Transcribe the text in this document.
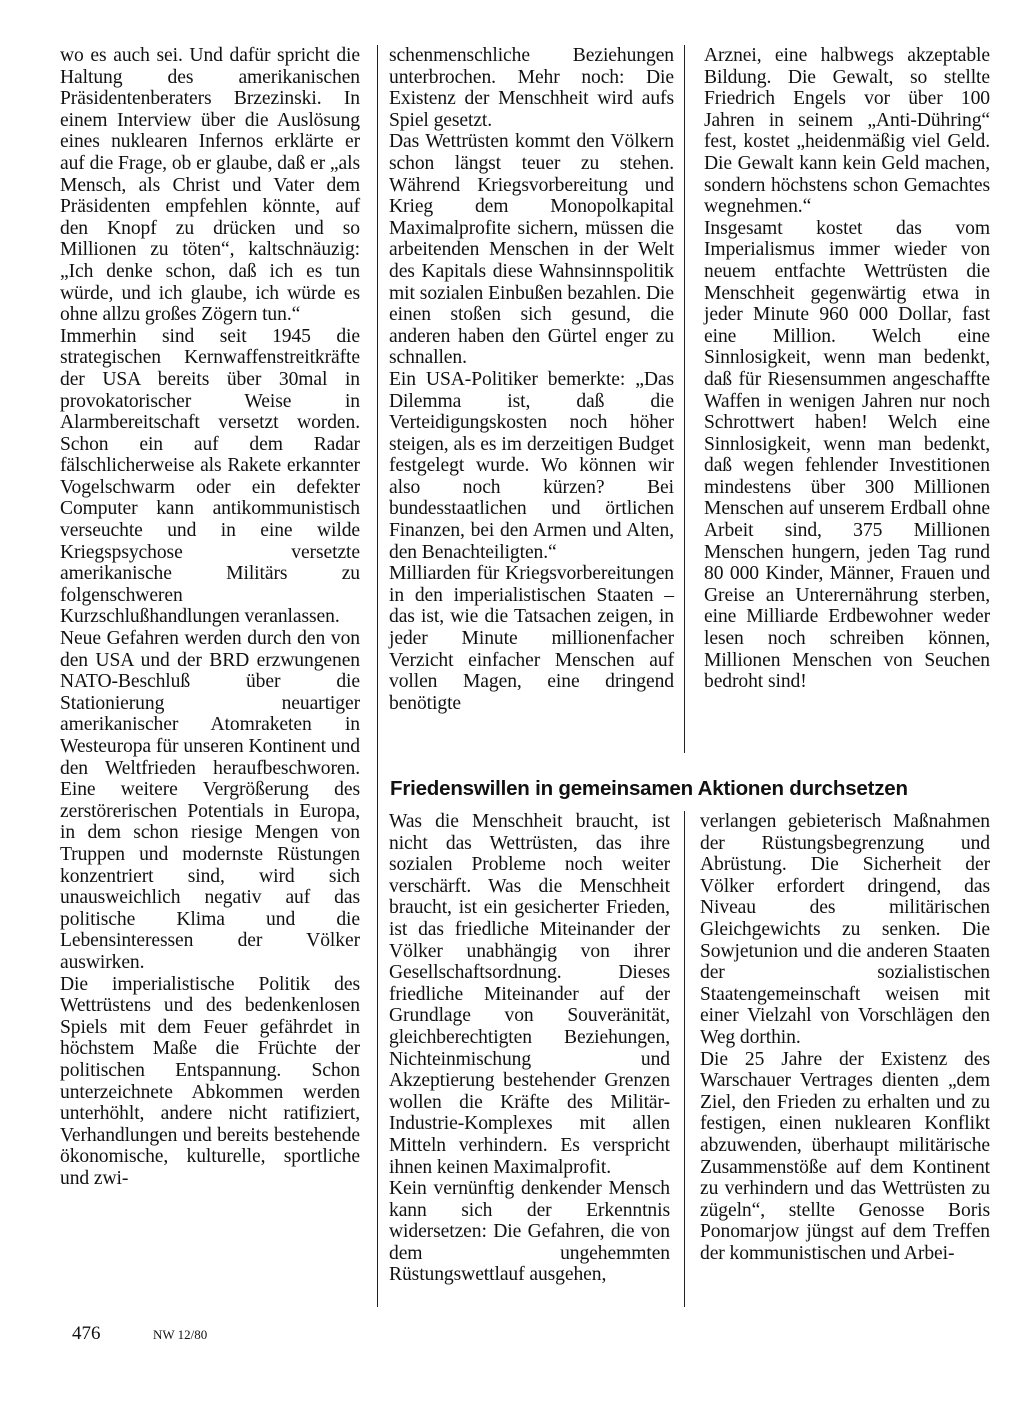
wo es auch sei. Und dafür spricht die Haltung des amerikanischen Präsidentenberaters Brzezinski. In einem Interview über die Auslösung eines nuklearen Infernos erklärte er auf die Frage, ob er glaube, daß er „als Mensch, als Christ und Vater dem Präsidenten empfehlen könnte, auf den Knopf zu drücken und so Millionen zu töten“, kaltschnäuzig: „Ich denke schon, daß ich es tun würde, und ich glaube, ich würde es ohne allzu großes Zögern tun.“

Immerhin sind seit 1945 die strategischen Kernwaffenstreitkräfte der USA bereits über 30mal in provokatorischer Weise in Alarmbereitschaft versetzt worden. Schon ein auf dem Radar fälschlicherweise als Rakete erkannter Vogelschwarm oder ein defekter Computer kann antikommunistisch verseuchte und in eine wilde Kriegspsychose versetzte amerikanische Militärs zu folgenschweren Kurzschlußhandlungen veranlassen.

Neue Gefahren werden durch den von den USA und der BRD erzwungenen NATO-Beschluß über die Stationierung neuartiger amerikanischer Atomraketen in Westeuropa für unseren Kontinent und den Weltfrieden heraufbeschworen. Eine weitere Vergrößerung des zerstörerischen Potentials in Europa, in dem schon riesige Mengen von Truppen und modernste Rüstungen konzentriert sind, wird sich unausweichlich negativ auf das politische Klima und die Lebensinteressen der Völker auswirken.

Die imperialistische Politik des Wettrüstens und des bedenkenlosen Spiels mit dem Feuer gefährdet in höchstem Maße die Früchte der politischen Entspannung. Schon unterzeichnete Abkommen werden unterhöhlt, andere nicht ratifiziert, Verhandlungen und bereits bestehende ökonomische, kulturelle, sportliche und zwi-

schenmenschliche Beziehungen unterbrochen. Mehr noch: Die Existenz der Menschheit wird aufs Spiel gesetzt.

Das Wettrüsten kommt den Völkern schon längst teuer zu stehen. Während Kriegsvorbereitung und Krieg dem Monopolkapital Maximalprofite sichern, müssen die arbeitenden Menschen in der Welt des Kapitals diese Wahnsinnspolitik mit sozialen Einbußen bezahlen. Die einen stoßen sich gesund, die anderen haben den Gürtel enger zu schnallen.

Ein USA-Politiker bemerkte: „Das Dilemma ist, daß die Verteidigungskosten noch höher steigen, als es im derzeitigen Budget festgelegt wurde. Wo können wir also noch kürzen? Bei bundesstaatlichen und örtlichen Finanzen, bei den Armen und Alten, den Benachteiligten.“

Milliarden für Kriegsvorbereitungen in den imperialistischen Staaten – das ist, wie die Tatsachen zeigen, in jeder Minute millionenfacher Verzicht einfacher Menschen auf vollen Magen, eine dringend benötigte

Arznei, eine halbwegs akzeptable Bildung. Die Gewalt, so stellte Friedrich Engels vor über 100 Jahren in seinem „Anti-Dühring“ fest, kostet „heidenmäßig viel Geld. Die Gewalt kann kein Geld machen, sondern höchstens schon Gemachtes wegnehmen.“

Insgesamt kostet das vom Imperialismus immer wieder von neuem entfachte Wettrüsten die Menschheit gegenwärtig etwa in jeder Minute 960 000 Dollar, fast eine Million. Welch eine Sinnlosigkeit, wenn man bedenkt, daß für Riesensummen angeschaffte Waffen in wenigen Jahren nur noch Schrottwert haben! Welch eine Sinnlosigkeit, wenn man bedenkt, daß wegen fehlender Investitionen mindestens über 300 Millionen Menschen auf unserem Erdball ohne Arbeit sind, 375 Millionen Menschen hungern, jeden Tag rund 80 000 Kinder, Männer, Frauen und Greise an Unterernährung sterben, eine Milliarde Erdbewohner weder lesen noch schreiben können, Millionen Menschen von Seuchen bedroht sind!

Friedenswillen in gemeinsamen Aktionen durchsetzen

Was die Menschheit braucht, ist nicht das Wettrüsten, das ihre sozialen Probleme noch weiter verschärft. Was die Menschheit braucht, ist ein gesicherter Frieden, ist das friedliche Miteinander der Völker unabhängig von ihrer Gesellschaftsordnung. Dieses friedliche Miteinander auf der Grundlage von Souveränität, gleichberechtigten Beziehungen, Nichteinmischung und Akzeptierung bestehender Grenzen wollen die Kräfte des Militär-Industrie-Komplexes mit allen Mitteln verhindern. Es verspricht ihnen keinen Maximalprofit.

Kein vernünftig denkender Mensch kann sich der Erkenntnis widersetzen: Die Gefahren, die von dem ungehemmten Rüstungswettlauf ausgehen,

verlangen gebieterisch Maßnahmen der Rüstungsbegrenzung und Abrüstung. Die Sicherheit der Völker erfordert dringend, das Niveau des militärischen Gleichgewichts zu senken. Die Sowjetunion und die anderen Staaten der sozialistischen Staatengemeinschaft weisen mit einer Vielzahl von Vorschlägen den Weg dorthin.

Die 25 Jahre der Existenz des Warschauer Vertrages dienten „dem Ziel, den Frieden zu erhalten und zu festigen, einen nuklearen Konflikt abzuwenden, überhaupt militärische Zusammenstöße auf dem Kontinent zu verhindern und das Wettrüsten zu zügeln“, stellte Genosse Boris Ponomarjow jüngst auf dem Treffen der kommunistischen und Arbei-

476	NW 12/80
